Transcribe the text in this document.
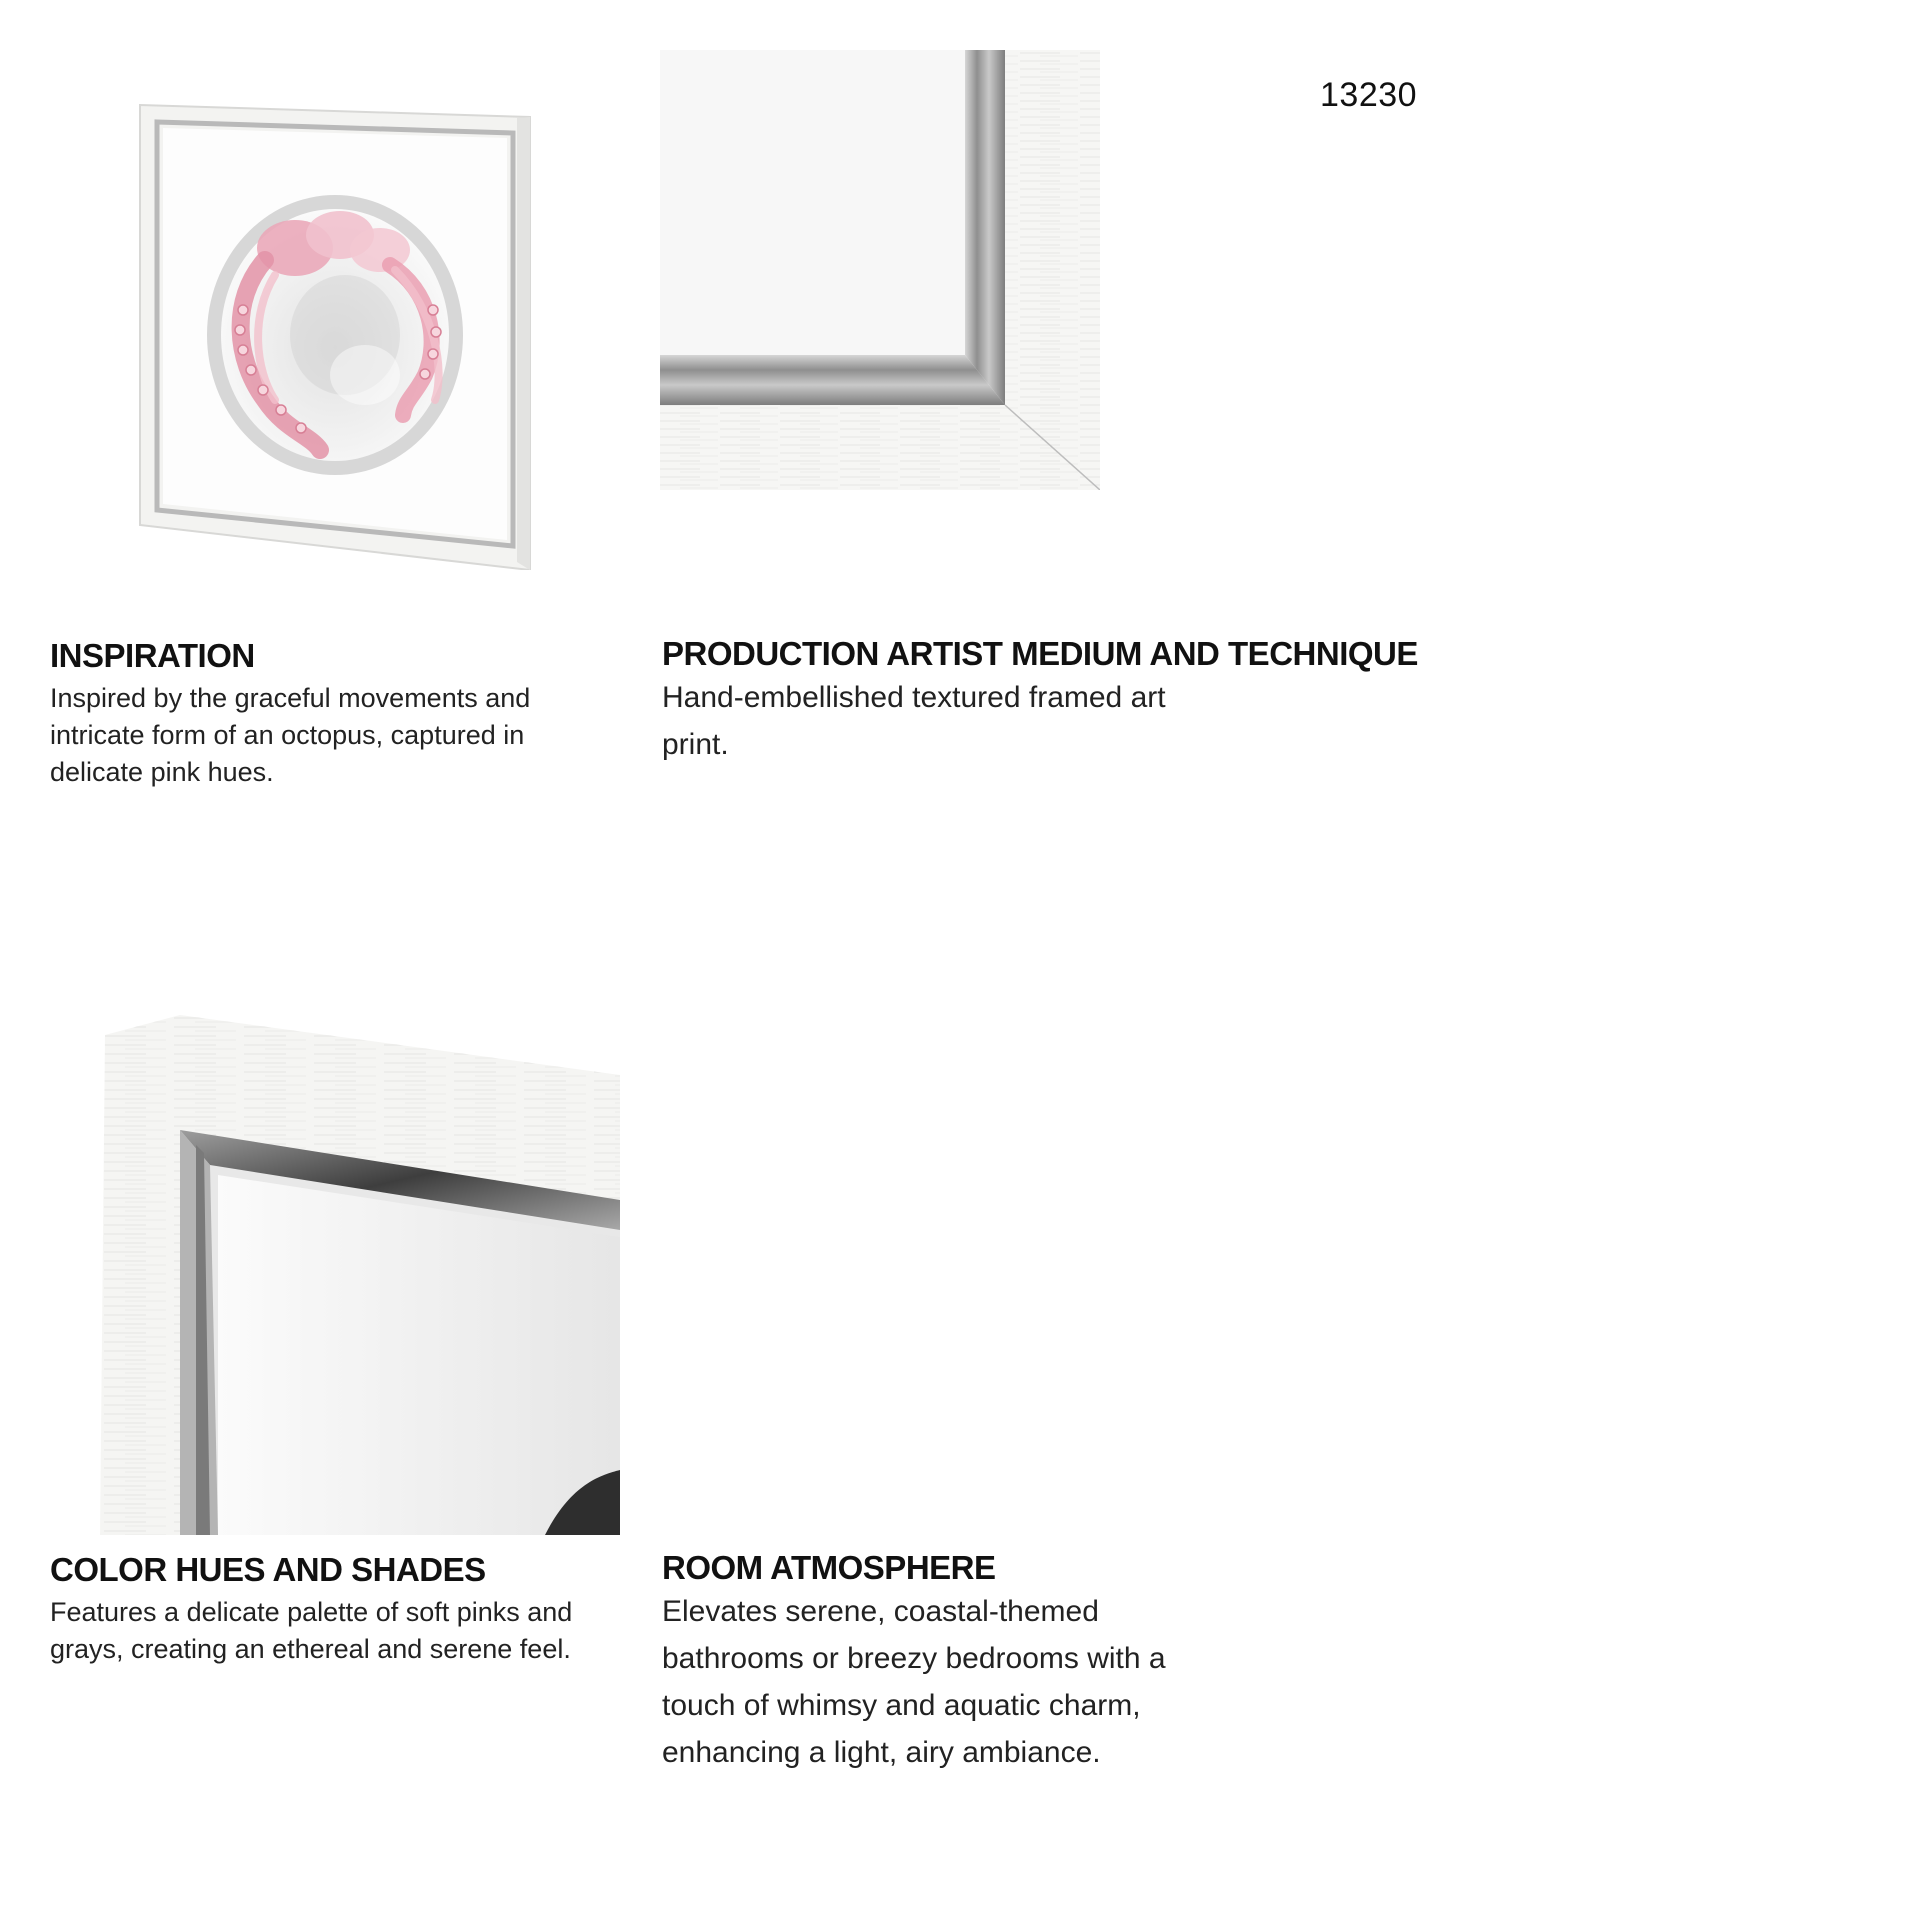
13230
INSPIRATION

Inspired by the graceful movements and

intricate form of an octopus, captured in

delicate pink hues.

PRODUCTION ARTIST MEDIUM AND TECHNIQUE

Hand-embellished textured framed art

print.

COLOR HUES AND SHADES

Features a delicate palette of soft pinks and

grays, creating an ethereal and serene feel.

ROOM ATMOSPHERE

Elevates serene, coastal-themed

bathrooms or breezy bedrooms with a

touch of whimsy and aquatic charm,

enhancing a light, airy ambiance.
